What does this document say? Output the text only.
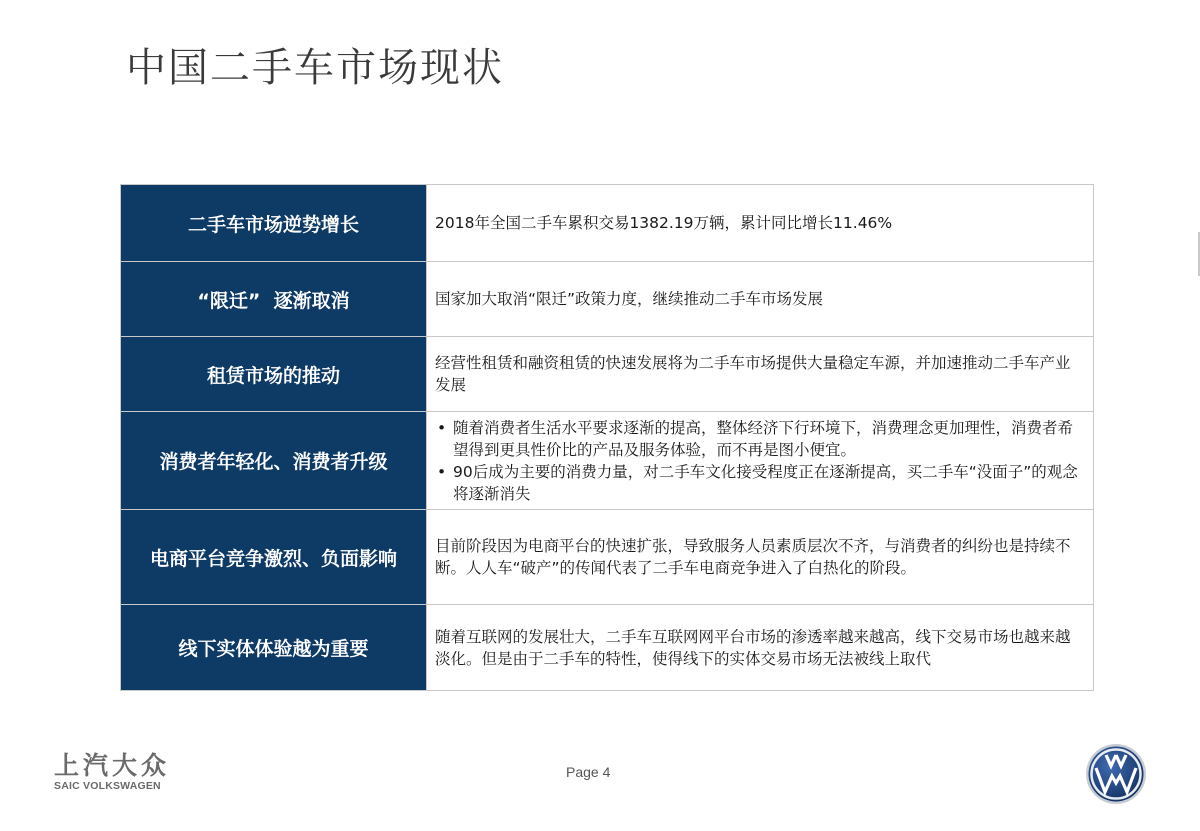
中国二手车市场现状
二手车市场逆势增长	2018年全国二手车累积交易1382.19万辆，累计同比增长11.46%
“限迁”  逐渐取消	国家加大取消“限迁”政策力度，继续推动二手车市场发展
租赁市场的推动
经营性租赁和融资租赁的快速发展将为二手车市场提供大量稳定车源，并加速推动二手车产业发展
消费者年轻化、消费者升级
• 随着消费者生活水平要求逐渐的提高，整体经济下行环境下，消费理念更加理性，消费者希望得到更具性价比的产品及服务体验，而不再是图小便宜。
• 90后成为主要的消费力量，对二手车文化接受程度正在逐渐提高，买二手车“没面子”的观念将逐渐消失
电商平台竞争激烈、负面影响
目前阶段因为电商平台的快速扩张，导致服务人员素质层次不齐，与消费者的纠纷也是持续不断。人人车“破产”的传闻代表了二手车电商竞争进入了白热化的阶段。
线下实体体验越为重要
随着互联网的发展壮大，二手车互联网网平台市场的渗透率越来越高，线下交易市场也越来越淡化。但是由于二手车的特性，使得线下的实体交易市场无法被线上取代
上汽大众
SAIC VOLKSWAGEN
Page 4
